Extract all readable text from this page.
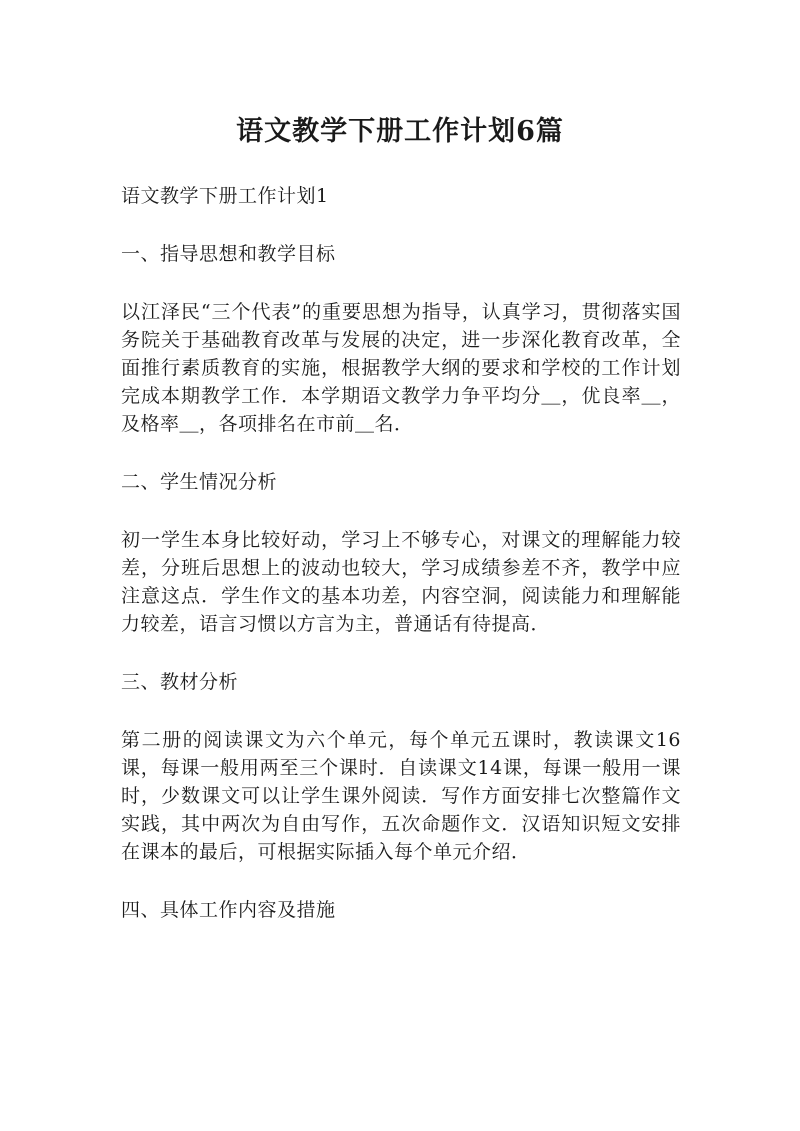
语文教学下册工作计划6篇

语文教学下册工作计划1

一、指导思想和教学目标

以江泽民“三个代表”的重要思想为指导，认真学习，贯彻落实国务院关于基础教育改革与发展的决定，进一步深化教育改革，全面推行素质教育的实施，根据教学大纲的要求和学校的工作计划完成本期教学工作．本学期语文教学力争平均分＿，优良率＿，及格率＿，各项排名在市前＿名．

二、学生情况分析

初一学生本身比较好动，学习上不够专心，对课文的理解能力较差，分班后思想上的波动也较大，学习成绩参差不齐，教学中应注意这点．学生作文的基本功差，内容空洞，阅读能力和理解能力较差，语言习惯以方言为主，普通话有待提高．

三、教材分析

第二册的阅读课文为六个单元，每个单元五课时，教读课文16课，每课一般用两至三个课时．自读课文14课，每课一般用一课时，少数课文可以让学生课外阅读．写作方面安排七次整篇作文实践，其中两次为自由写作，五次命题作文．汉语知识短文安排在课本的最后，可根据实际插入每个单元介绍．

四、具体工作内容及措施
